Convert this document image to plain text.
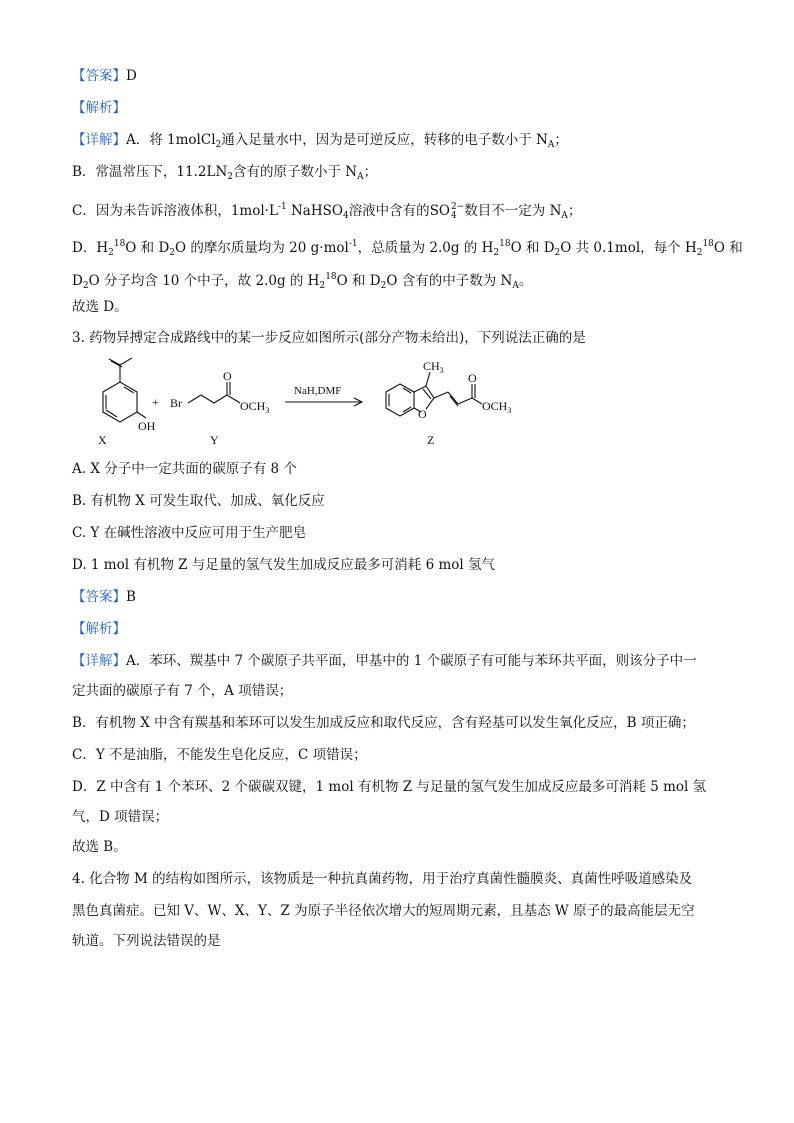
【答案】D
【解析】
【详解】A．将 1molCl$_2$通入足量水中，因为是可逆反应，转移的电子数小于 $N_A$；
B．常温常压下，$11.2LN_2$含有的原子数小于 $N_A$；
C．因为未告诉溶液体积，$1mol\cdot L^{-1}$ NaHSO$_4$溶液中含有的SO 2−
4 数目不一定为 $N_A$；
D．$H_2^{18}O$ 和 $D_2O$ 的摩尔质量均为 20 g·mol$^{-1}$，总质量为 2.0g 的 $H_2^{18}O$ 和 $D_2O$ 共 0.1mol，每个 $H_2^{18}O$ 和
$D_2O$ 分子均含 10 个中子，故 2.0g 的 $H_2^{18}O$ 和 $D_2O$ 含有的中子数为 $N_A$。
故选 D。
3. 药物异搏定合成路线中的某一步反应如图所示(部分产物未给出)，下列说法正确的是
OH
+ Br
O
$OCH_3$
NaH,DMF
$CH_3$
O
O
$OCH_3$
X	Y	Z
A. X 分子中一定共面的碳原子有 8 个
B. 有机物 X 可发生取代、加成、氧化反应
C. Y 在碱性溶液中反应可用于生产肥皂
D. 1 mol 有机物 Z 与足量的氢气发生加成反应最多可消耗 6 mol 氢气
【答案】B
【解析】
【详解】A．苯环、羰基中 7 个碳原子共平面，甲基中的 1 个碳原子有可能与苯环共平面，则该分子中一
定共面的碳原子有 7 个，A 项错误；
B．有机物 X 中含有羰基和苯环可以发生加成反应和取代反应，含有羟基可以发生氧化反应，B 项正确；
C．Y 不是油脂，不能发生皂化反应，C 项错误；
D．Z 中含有 1 个苯环、2 个碳碳双键，1 mol 有机物 Z 与足量的氢气发生加成反应最多可消耗 5 mol 氢
气，D 项错误；
故选 B。
4. 化合物 M 的结构如图所示，该物质是一种抗真菌药物，用于治疗真菌性髓膜炎、真菌性呼吸道感染及
黑色真菌症。已知 V、W、X、Y、Z 为原子半径依次增大的短周期元素，且基态 W 原子的最高能层无空
轨道。下列说法错误的是
